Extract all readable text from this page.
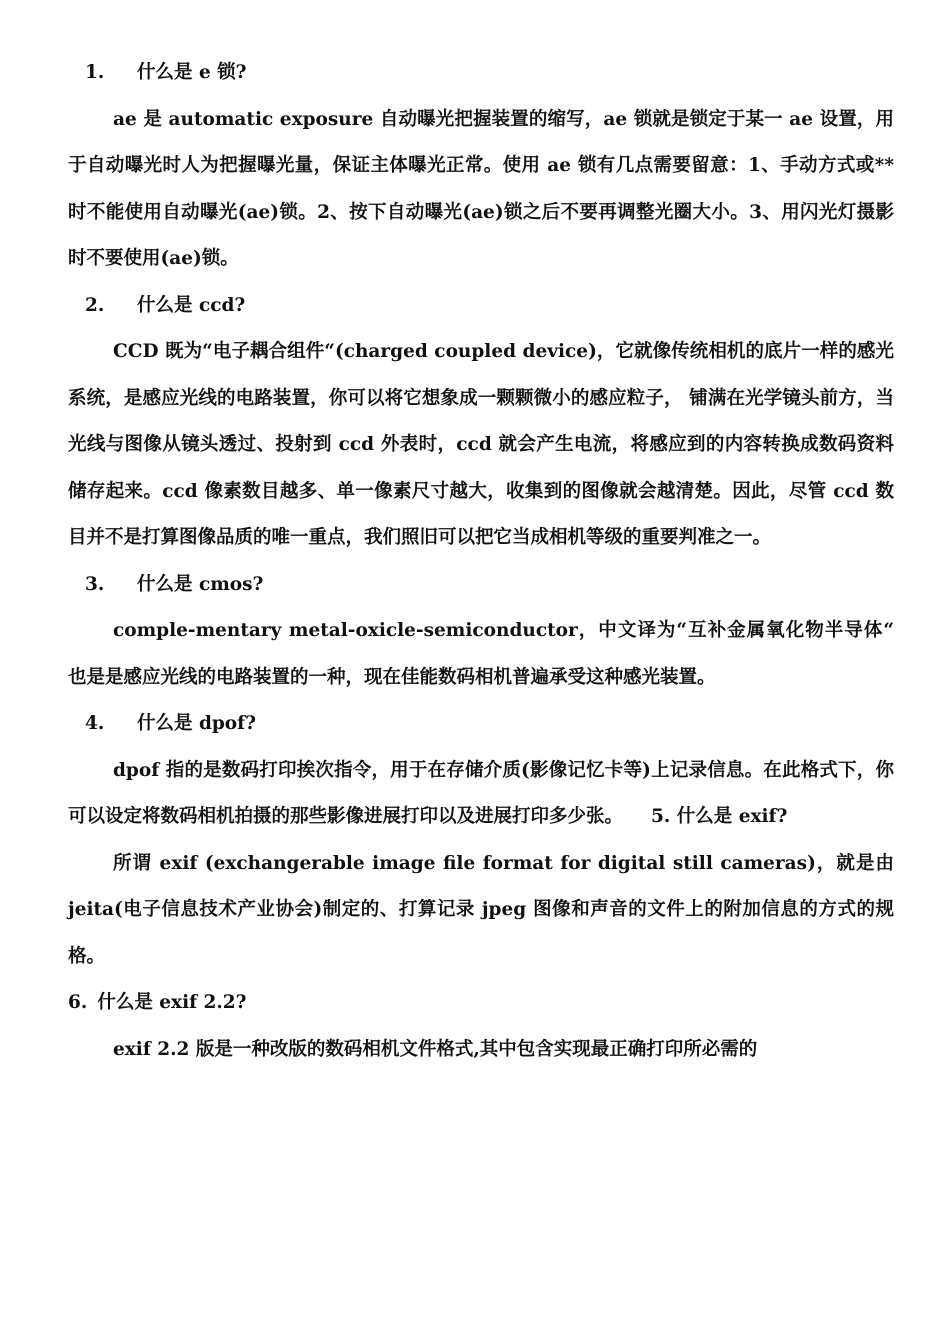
1. 什么是 e 锁?

ae 是 automatic exposure 自动曝光把握装置的缩写，ae 锁就是锁定于某一 ae 设置，用于自动曝光时人为把握曝光量，保证主体曝光正常。使用 ae 锁有几点需要留意：1、手动方式或**时不能使用自动曝光(ae)锁。2、按下自动曝光(ae)锁之后不要再调整光圈大小。3、用闪光灯摄影时不要使用(ae)锁。

2. 什么是 ccd?

CCD 既为“电子耦合组件“(charged coupled device)，它就像传统相机的底片一样的感光系统，是感应光线的电路装置，你可以将它想象成一颗颗微小的感应粒子， 铺满在光学镜头前方，当光线与图像从镜头透过、投射到 ccd 外表时，ccd 就会产生电流，将感应到的内容转换成数码资料储存起来。ccd 像素数目越多、单一像素尺寸越大，收集到的图像就会越清楚。因此，尽管 ccd 数目并不是打算图像品质的唯一重点，我们照旧可以把它当成相机等级的重要判准之一。

3. 什么是 cmos?

comple-mentary metal-oxicle-semiconductor，中文译为“互补金属氧化物半导体“ 也是是感应光线的电路装置的一种，现在佳能数码相机普遍承受这种感光装置。

4. 什么是 dpof?

dpof 指的是数码打印挨次指令，用于在存储介质(影像记忆卡等)上记录信息。在此格式下，你可以设定将数码相机拍摄的那些影像进展打印以及进展打印多少张。 5. 什么是 exif?

所谓 exif (exchangerable image file format for digital still cameras)，就是由 jeita(电子信息技术产业协会)制定的、打算记录 jpeg 图像和声音的文件上的附加信息的方式的规格。

6. 什么是 exif 2.2?

exif 2.2 版是一种改版的数码相机文件格式,其中包含实现最正确打印所必需的
